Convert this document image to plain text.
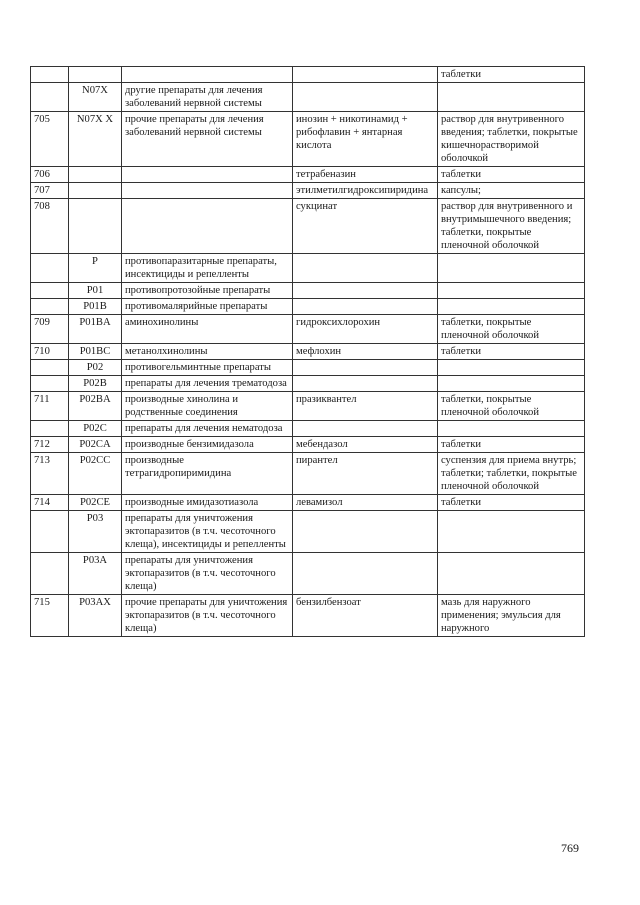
				таблетки
	N07X	другие препараты для лечения заболеваний нервной системы		
705	N07X X	прочие препараты для лечения заболеваний нервной системы	инозин + никотинамид + рибофлавин + янтарная кислота	раствор для внутривенного введения; таблетки, покрытые кишечнорастворимой оболочкой
706			тетрабеназин	таблетки
707			этилметилгидроксипиридина	капсулы;
708			сукцинат	раствор для внутривенного и внутримышечного введения; таблетки, покрытые пленочной оболочкой
	P	противопаразитарные препараты, инсектициды и репелленты		
	P01	противопротозойные препараты		
	P01B	противомалярийные препараты		
709	P01BA	аминохинолины	гидроксихлорохин	таблетки, покрытые пленочной оболочкой
710	P01BC	метанолхинолины	мефлохин	таблетки
	P02	противогельминтные препараты		
	P02B	препараты для лечения трематодоза		
711	P02BA	производные хинолина и родственные соединения	празиквантел	таблетки, покрытые пленочной оболочкой
	P02C	препараты для лечения нематодоза		
712	P02CA	производные бензимидазола	мебендазол	таблетки
713	P02CC	производные тетрагидропиримидина	пирантел	суспензия для приема внутрь; таблетки; таблетки, покрытые пленочной оболочкой
714	P02CE	производные имидазотиазола	левамизол	таблетки
	P03	препараты для уничтожения эктопаразитов (в т.ч. чесоточного клеща), инсектициды и репелленты		
	P03A	препараты для уничтожения эктопаразитов (в т.ч. чесоточного клеща)		
715	P03AX	прочие препараты для уничтожения эктопаразитов (в т.ч. чесоточного клеща)	бензилбензоат	мазь для наружного применения; эмульсия для наружного
769
